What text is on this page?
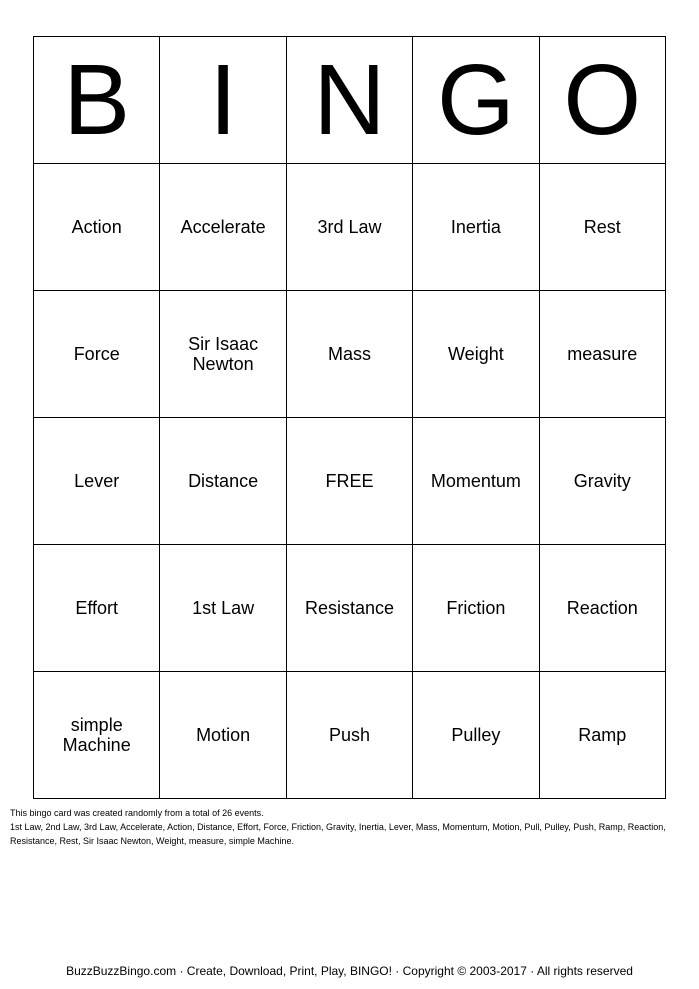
B	I	N	G	O
Action	Accelerate	3rd Law	Inertia	Rest
Force	Sir Isaac Newton	Mass	Weight	measure
Lever	Distance	FREE	Momentum	Gravity
Effort	1st Law	Resistance	Friction	Reaction
simple Machine	Motion	Push	Pulley	Ramp
This bingo card was created randomly from a total of 26 events.
1st Law, 2nd Law, 3rd Law, Accelerate, Action, Distance, Effort, Force, Friction, Gravity, Inertia, Lever, Mass, Momentum, Motion, Pull, Pulley, Push, Ramp, Reaction, Resistance, Rest, Sir Isaac Newton, Weight, measure, simple Machine.
BuzzBuzzBingo.com · Create, Download, Print, Play, BINGO! · Copyright © 2003-2017 · All rights reserved
